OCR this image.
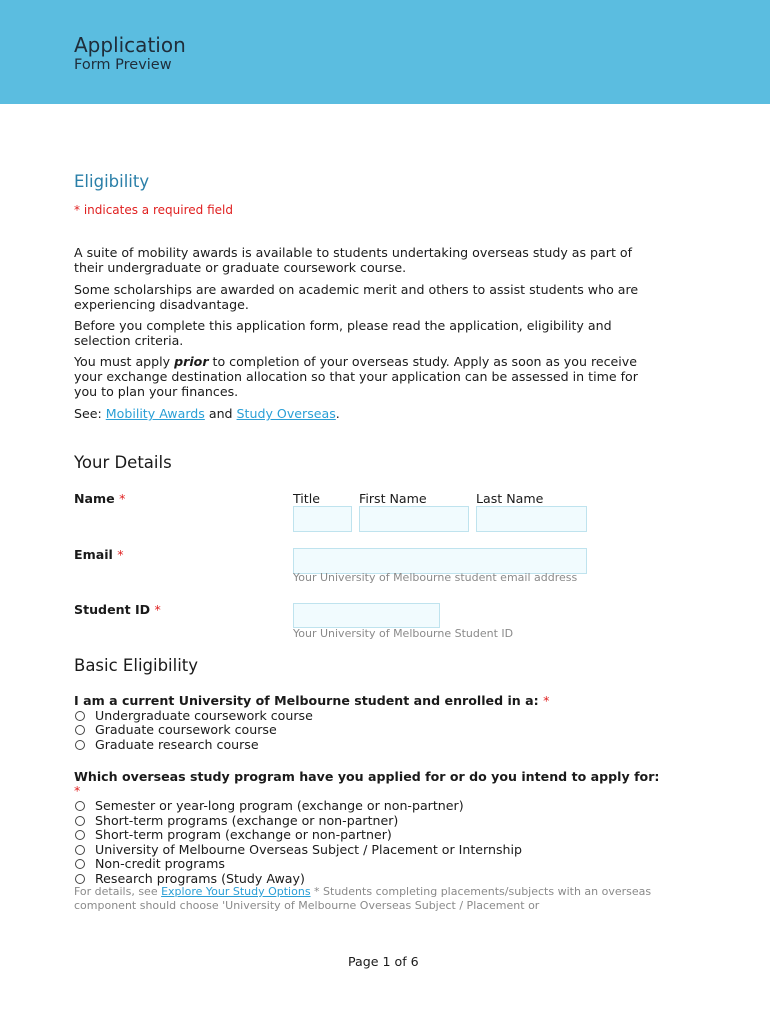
Application
Form Preview
Eligibility
* indicates a required field
A suite of mobility awards is available to students undertaking overseas study as part of their undergraduate or graduate coursework course.
Some scholarships are awarded on academic merit and others to assist students who are experiencing disadvantage.
Before you complete this application form, please read the application, eligibility and selection criteria.
You must apply prior to completion of your overseas study. Apply as soon as you receive your exchange destination allocation so that your application can be assessed in time for you to plan your finances.
See: Mobility Awards and Study Overseas.
Your Details
Name *	Title	First Name	Last Name
Email *
Your University of Melbourne student email address
Student ID *
Your University of Melbourne Student ID
Basic Eligibility
I am a current University of Melbourne student and enrolled in a: *
Undergraduate coursework course
Graduate coursework course
Graduate research course
Which overseas study program have you applied for or do you intend to apply for:
*
Semester or year-long program (exchange or non-partner)
Short-term programs (exchange or non-partner)
Short-term program (exchange or non-partner)
University of Melbourne Overseas Subject / Placement or Internship
Non-credit programs
Research programs (Study Away)
For details, see Explore Your Study Options * Students completing placements/subjects with an overseas component should choose 'University of Melbourne Overseas Subject / Placement or
Page 1 of 6
